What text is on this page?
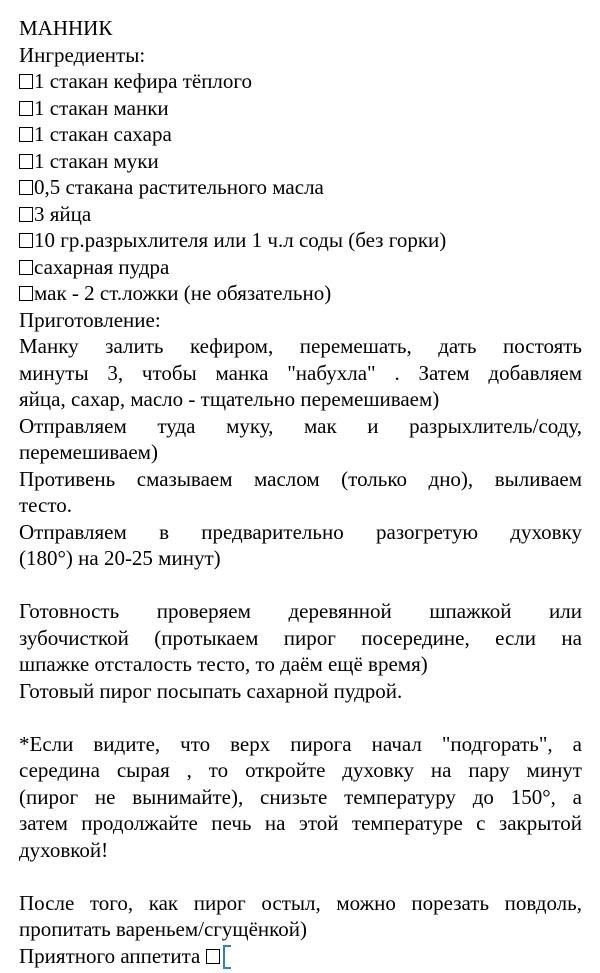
МАННИК
Ингредиенты:
1 стакан кефира тёплого
1 стакан манки
1 стакан сахара
1 стакан муки
0,5 стакана растительного масла
3 яйца
10 гр.разрыхлителя или 1 ч.л соды (без горки)
сахарная пудра
мак - 2 ст.ложки (не обязательно)
Приготовление:
Манку залить кефиром, перемешать, дать постоять
минуты 3, чтобы манка "набухла" . Затем добавляем
яйца, сахар, масло - тщательно перемешиваем)
Отправляем туда муку, мак и разрыхлитель/соду,
перемешиваем)
Противень смазываем маслом (только дно), выливаем
тесто.
Отправляем в предварительно разогретую духовку
(180°) на 20-25 минут)
Готовность проверяем деревянной шпажкой или
зубочисткой (протыкаем пирог посередине, если на
шпажке отсталость тесто, то даём ещё время)
Готовый пирог посыпать сахарной пудрой.
*Если видите, что верх пирога начал "подгорать", а
середина сырая , то откройте духовку на пару минут
(пирог не вынимайте), снизьте температуру до 150°, а
затем продолжайте печь на этой температуре с закрытой
духовкой!
После того, как пирог остыл, можно порезать повдоль,
пропитать вареньем/сгущёнкой)
Приятного аппетита
